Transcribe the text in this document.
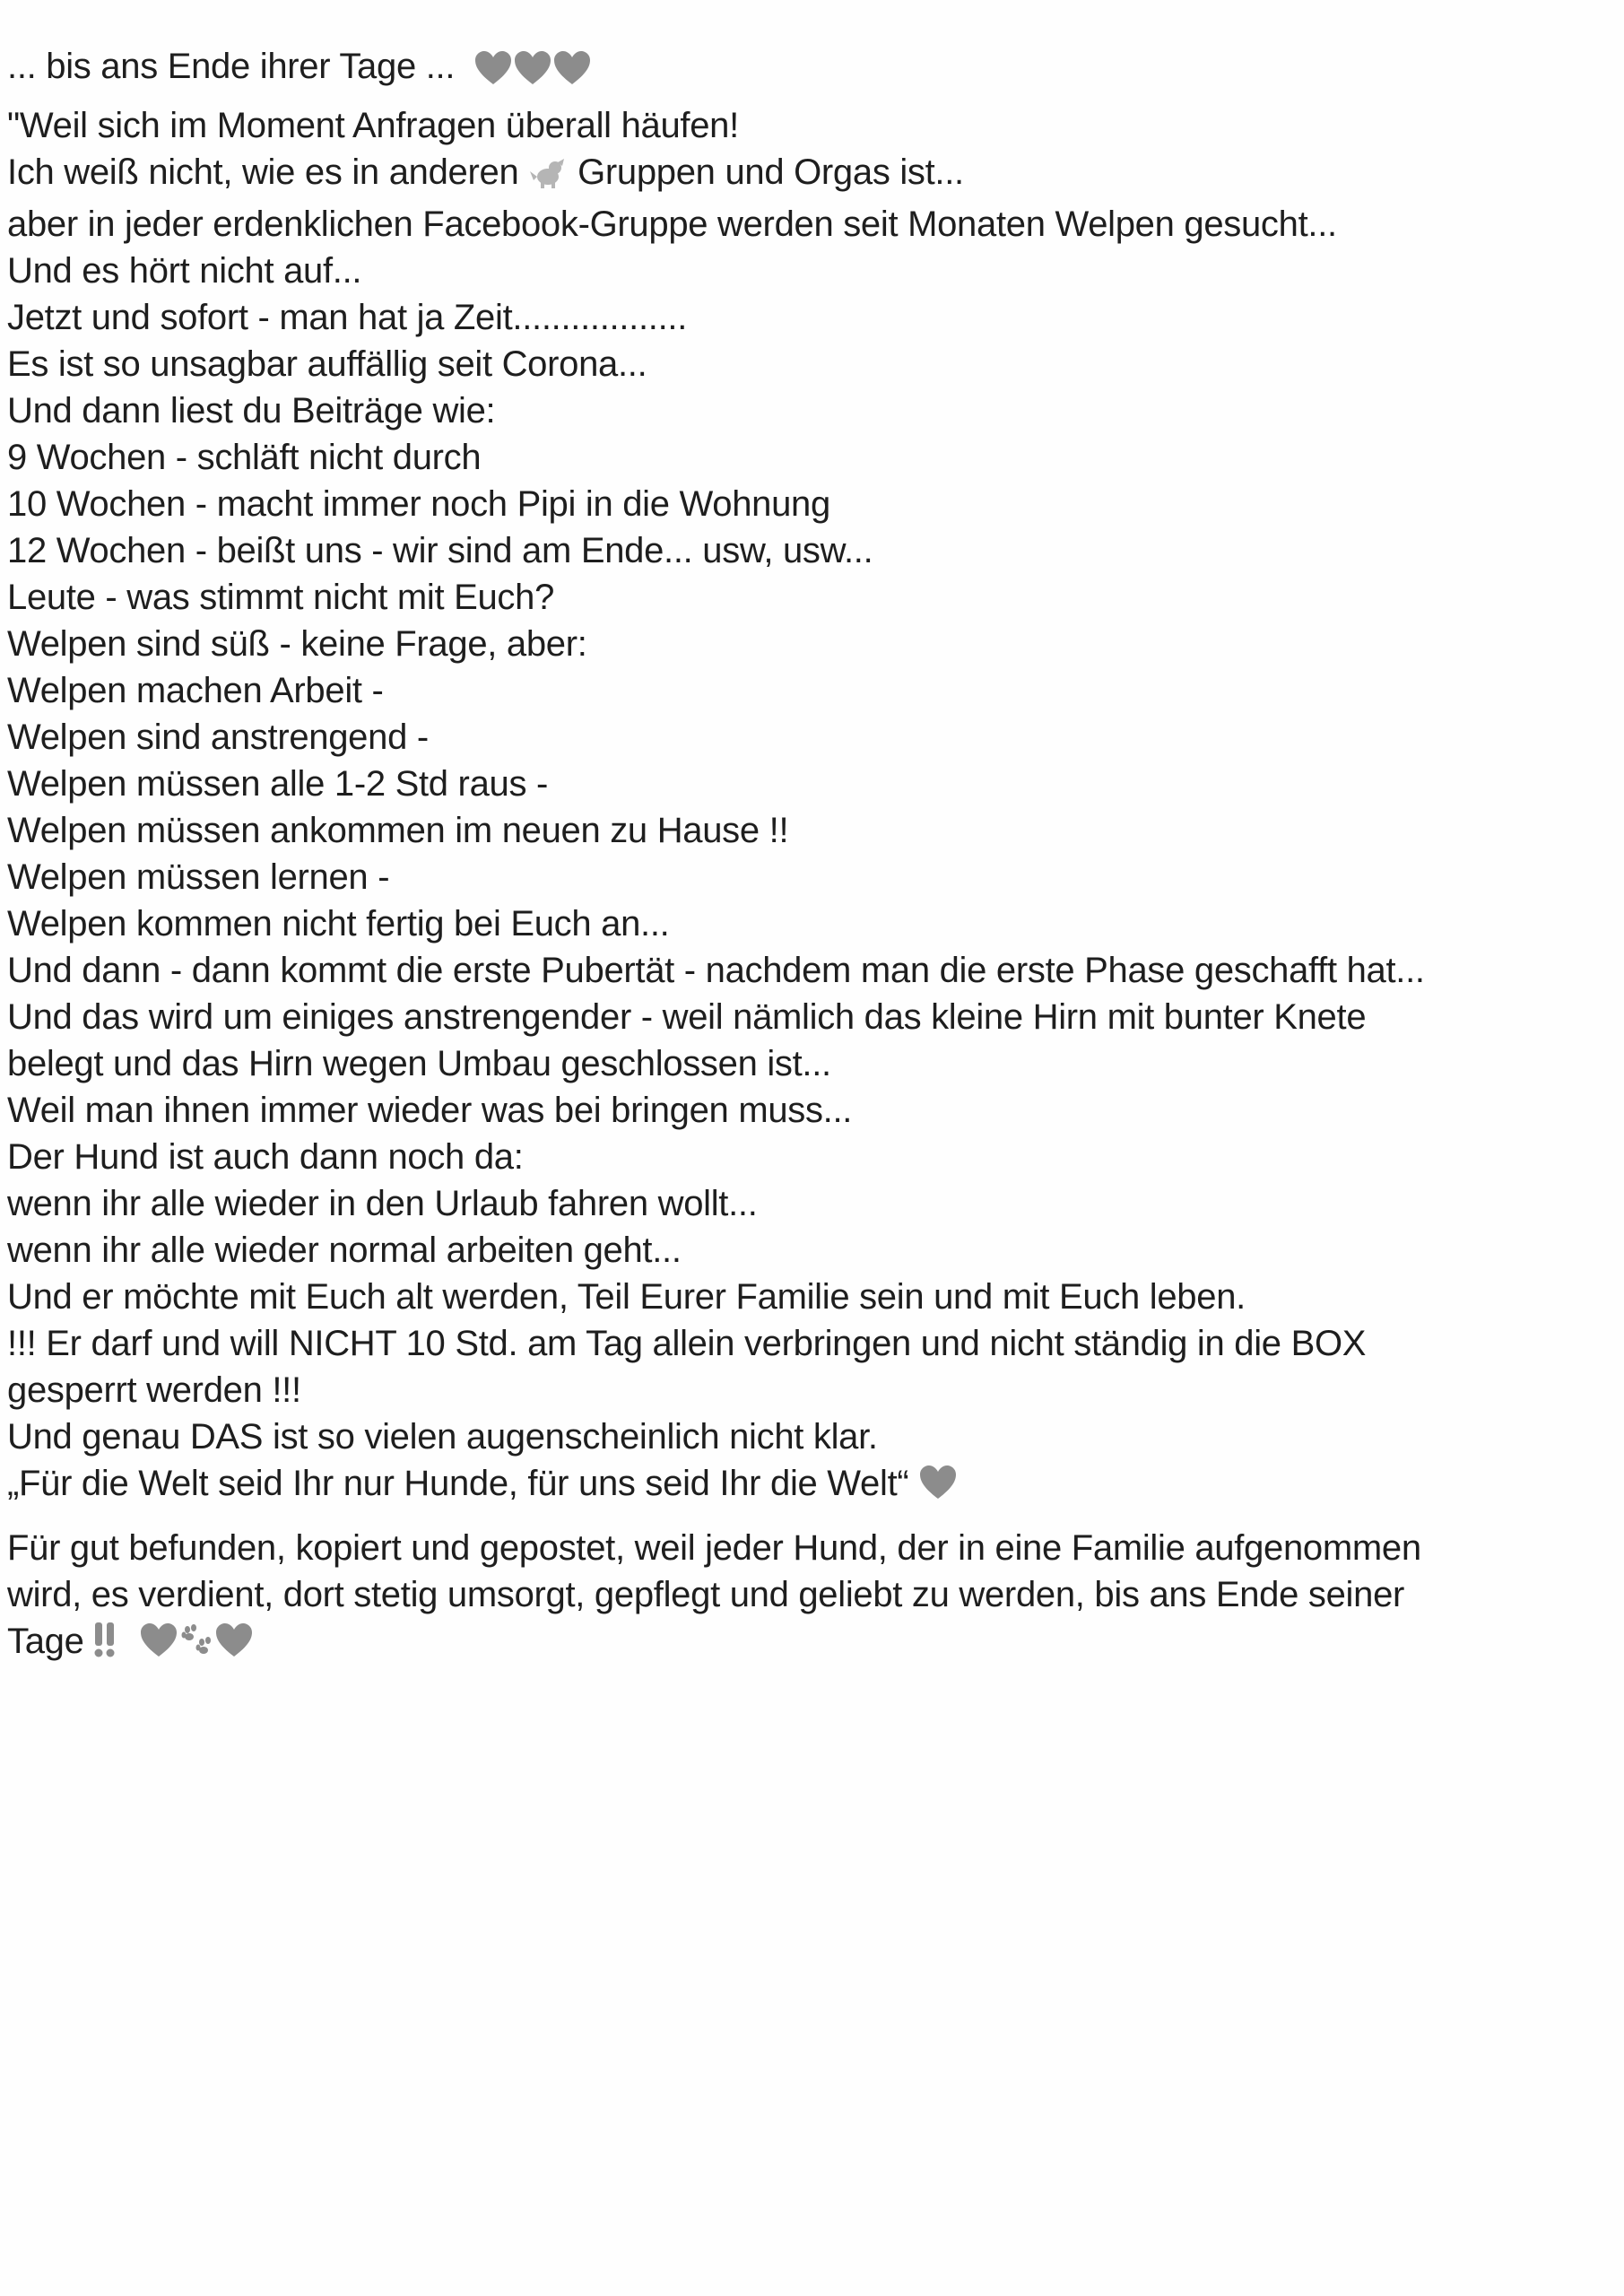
... bis ans Ende ihrer Tage ...
"Weil sich im Moment Anfragen überall häufen!
Ich weiß nicht, wie es in anderen Gruppen und Orgas ist...
aber in jeder erdenklichen Facebook-Gruppe werden seit Monaten Welpen gesucht...
Und es hört nicht auf...
Jetzt und sofort - man hat ja Zeit..................
Es ist so unsagbar auffällig seit Corona...
Und dann liest du Beiträge wie:
9 Wochen - schläft nicht durch
10 Wochen - macht immer noch Pipi in die Wohnung
12 Wochen - beißt uns - wir sind am Ende... usw, usw...
Leute - was stimmt nicht mit Euch?
Welpen sind süß - keine Frage, aber:
Welpen machen Arbeit -
Welpen sind anstrengend -
Welpen müssen alle 1-2 Std raus -
Welpen müssen ankommen im neuen zu Hause !!
Welpen müssen lernen -
Welpen kommen nicht fertig bei Euch an...
Und dann - dann kommt die erste Pubertät - nachdem man die erste Phase geschafft hat...
Und das wird um einiges anstrengender - weil nämlich das kleine Hirn mit bunter Knete
belegt und das Hirn wegen Umbau geschlossen ist...
Weil man ihnen immer wieder was bei bringen muss...
Der Hund ist auch dann noch da:
wenn ihr alle wieder in den Urlaub fahren wollt...
wenn ihr alle wieder normal arbeiten geht...
Und er möchte mit Euch alt werden, Teil Eurer Familie sein und mit Euch leben.
!!! Er darf und will NICHT 10 Std. am Tag allein verbringen und nicht ständig in die BOX
gesperrt werden !!!
Und genau DAS ist so vielen augenscheinlich nicht klar.
„Für die Welt seid Ihr nur Hunde, für uns seid Ihr die Welt“
Für gut befunden, kopiert und gepostet, weil jeder Hund, der in eine Familie aufgenommen
wird, es verdient, dort stetig umsorgt, gepflegt und geliebt zu werden, bis ans Ende seiner
Tage
